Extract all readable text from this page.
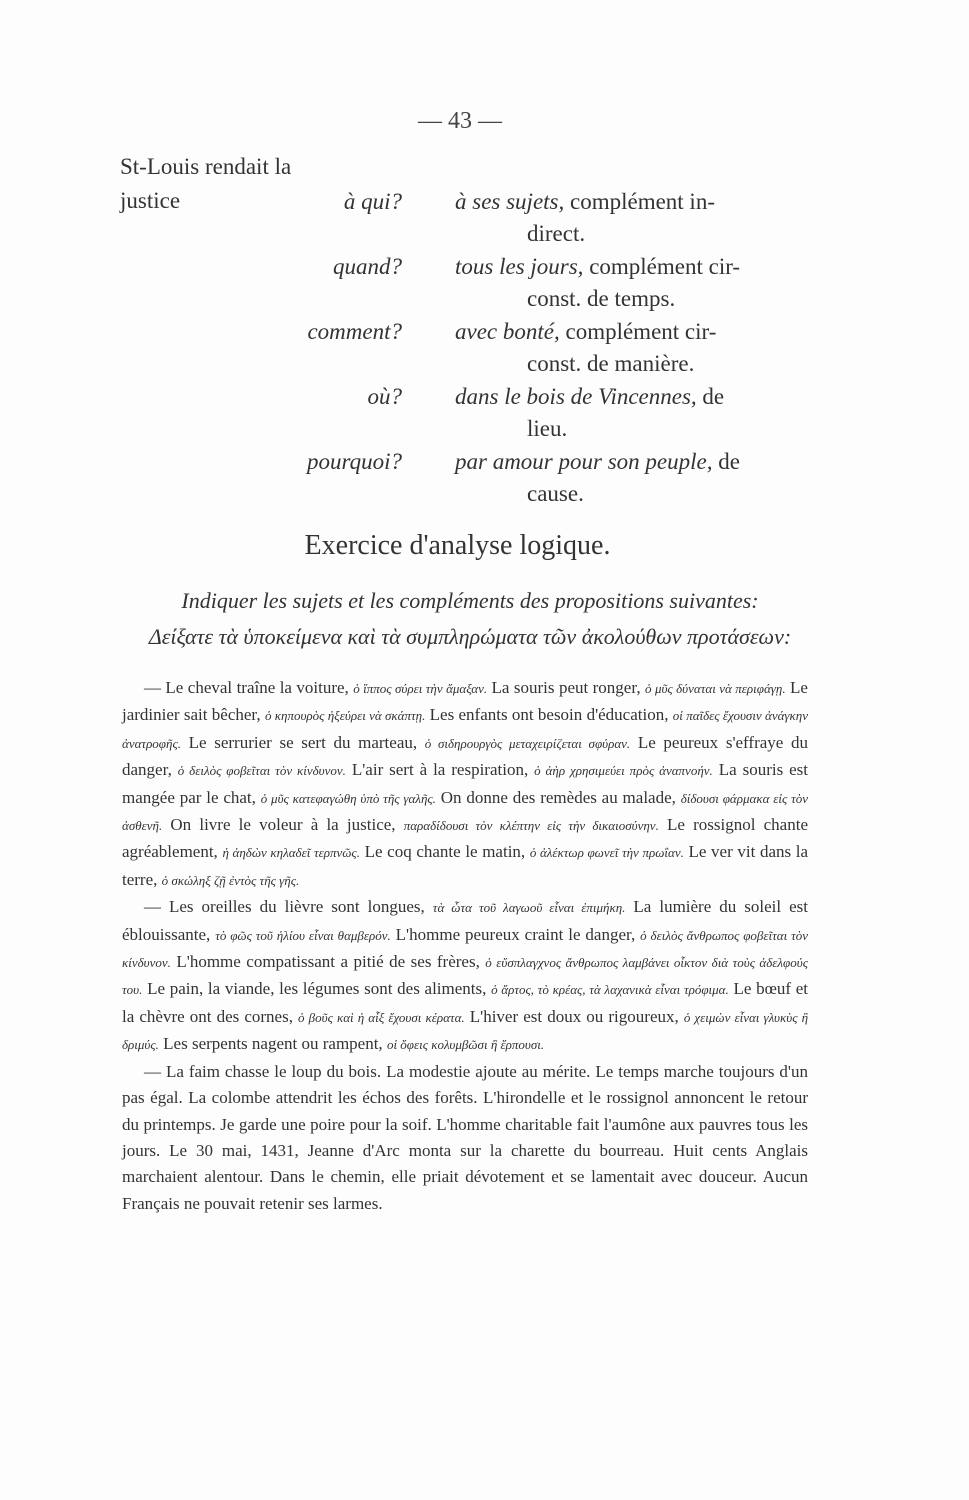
— 43 —
St-Louis rendait la justice	à qui? à ses sujets, complément in-
direct.
quand? tous les jours, complément cir-
const. de temps.
comment? avec bonté, complément cir-
const. de manière.
où? dans le bois de Vincennes, de
lieu.
pourquoi? par amour pour son peuple, de
cause.
Exercice d'analyse logique.
Indiquer les sujets et les compléments des propositions suivantes:
Δείξατε τὰ ὑποκείμενα καὶ τὰ συμπληρώματα τῶν ἀκολούθων προτάσεων:

— Le cheval traîne la voiture, ὁ ἵππος σύρει τὴν ἅμαξαν. La souris peut ronger, ὁ μῦς δύναται νὰ περιφάγῃ. Le jardinier sait bêcher, ὁ κηπουρὸς ἠξεύρει νὰ σκάπτῃ. Les enfants ont besoin d'éducation, οἱ παῖδες ἔχουσιν ἀνάγκην ἀνατροφῆς. Le serrurier se sert du marteau, ὁ σιδηρουργὸς μεταχειρίζεται σφύραν. Le peureux s'effraye du danger, ὁ δειλὸς φοβεῖται τὸν κίνδυνον. L'air sert à la respiration, ὁ ἀὴρ χρησιμεύει πρὸς ἀναπνοήν. La souris est mangée par le chat, ὁ μῦς κατεφαγώθη ὑπὸ τῆς γαλῆς. On donne des remèdes au malade, δίδουσι φάρμακα εἰς τὸν ἀσθενῆ. On livre le voleur à la justice, παραδίδουσι τὸν κλέπτην εἰς τὴν δικαιοσύνην. Le rossignol chante agréablement, ἡ ἀηδὼν κηλαδεῖ τερπνῶς. Le coq chante le matin, ὁ ἀλέκτωρ φωνεῖ τὴν πρωΐαν. Le ver vit dans la terre, ὁ σκώληξ ζῇ ἐντὸς τῆς γῆς.

— Les oreilles du lièvre sont longues, τὰ ὦτα τοῦ λαγωοῦ εἶναι ἐπιμήκη. La lumière du soleil est éblouissante, τὸ φῶς τοῦ ἡλίου εἶναι θαμβερόν. L'homme peureux craint le danger, ὁ δειλὸς ἄνθρωπος φοβεῖται τὸν κίνδυνον. L'homme compatissant a pitié de ses frères, ὁ εὔσπλαγχνος ἄνθρωπος λαμβάνει οἶκτον διὰ τοὺς ἀδελφούς του. Le pain, la viande, les légumes sont des aliments, ὁ ἄρτος, τὸ κρέας, τὰ λαχανικὰ εἶναι τρόφιμα. Le bœuf et la chèvre ont des cornes, ὁ βοῦς καὶ ἡ αἶξ ἔχουσι κέρατα. L'hiver est doux ou rigoureux, ὁ χειμὼν εἶναι γλυκὺς ἢ δριμύς. Les serpents nagent ou rampent, οἱ ὄφεις κολυμβῶσι ἢ ἕρπουσι.

— La faim chasse le loup du bois. La modestie ajoute au mérite. Le temps marche toujours d'un pas égal. La colombe attendrit les échos des forêts. L'hirondelle et le rossignol annoncent le retour du printemps. Je garde une poire pour la soif. L'homme charitable fait l'aumône aux pauvres tous les jours. Le 30 mai, 1431, Jeanne d'Arc monta sur la charette du bourreau. Huit cents Anglais marchaient alentour. Dans le chemin, elle priait dévotement et se lamentait avec douceur. Aucun Français ne pouvait retenir ses larmes.
